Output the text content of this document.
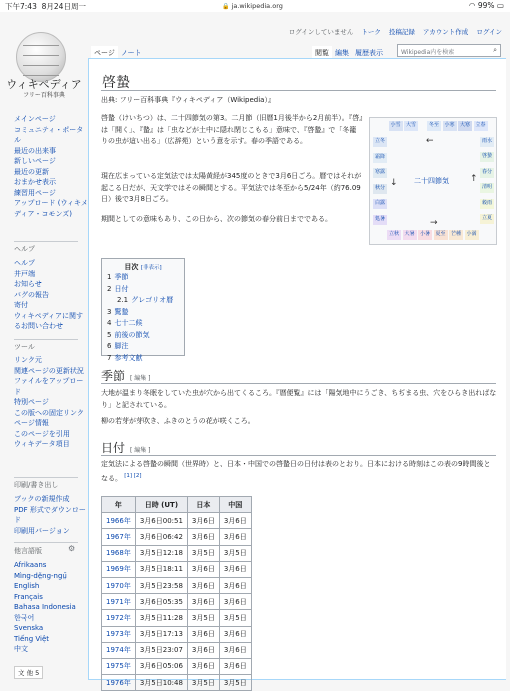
下午7:43 8月24日周一	🔒 ja.wikipedia.org	◠ 99% ▭
ウィキペディア
フリー百科事典
メインページ
コミュニティ・ポータル
最近の出来事
新しいページ
最近の更新
おまかせ表示
練習用ページ
アップロード (ウィキメディア・コモンズ)
ヘルプ
ヘルプ
井戸端
お知らせ
バグの報告
寄付
ウィキペディアに関するお問い合わせ
ツール
リンク元
関連ページの更新状況
ファイルをアップロード
特別ページ
この版への固定リンク
ページ情報
このページを引用
ウィキデータ項目
印刷/書き出し
ブックの新規作成
PDF 形式でダウンロード
印刷用バージョン
他言語版	⚙
Afrikaans
Mìng-dĕ̤ng-ngṳ̄
English
Français
Bahasa Indonesia
한국어
Svenska
Tiếng Việt
中文
文 他 5
ログインしていません トーク 投稿記録 アカウント作成 ログイン
ページ ノート	閲覧 編集 履歴表示	Wikipedia内を検索	⌕
啓蟄
出典: フリー百科事典『ウィキペディア（Wikipedia）』

啓蟄（けいちつ）は、二十四節気の第3。二月節（旧暦1月後半から2月前半）。『啓』は「開く」、『蟄』は「虫などが土中に隠れ閉じこもる」意味で、『啓蟄』で「冬籠りの虫が這い出る」（広辞苑）という意を示す。春の季語である。

現在広まっている定気法では太陽黄経が345度のときで3月6日ごろ。暦ではそれが起こる日だが、天文学ではその瞬間とする。平気法では冬至から5/24年（約76.09日）後で3月8日ごろ。

期間としての意味もあり、この日から、次の節気の春分前日までである。

二十四節気
←
→
↓	↑
冬至	小寒	大寒	立春
雨水
啓蟄
春分
清明
穀雨
立夏
小満
芒種
夏至
小暑
大暑
立秋
処暑
白露
秋分
寒露
霜降
立冬
小雪	大雪
目次 [非表示]
1 季節
2 日付
2.1 グレゴリオ暦
3 驚蟄
4 七十二候
5 前後の節気
6 脚注
7 参考文献
季節 [ 編集 ]

大地が温まり冬眠をしていた虫が穴から出てくるころ。『暦便覧』には「陽気地中にうごき、ちぢまる虫、穴をひらき出ればなり」と記されている。

柳の若芽が芽吹き、ふきのとうの花が咲くころ。

日付 [ 編集 ]

定気法による啓蟄の瞬間（世界時）と、日本・中国での啓蟄日の日付は表のとおり。日本における時刻はこの表の9時間後となる。 [1] [2]

年	日時 (UT)	日本	中国
1966年	3月6日00:51	3月6日	3月6日
1967年	3月6日06:42	3月6日	3月6日
1968年	3月5日12:18	3月5日	3月5日
1969年	3月5日18:11	3月6日	3月6日
1970年	3月5日23:58	3月6日	3月6日
1971年	3月6日05:35	3月6日	3月6日
1972年	3月5日11:28	3月5日	3月5日
1973年	3月5日17:13	3月6日	3月6日
1974年	3月5日23:07	3月6日	3月6日
1975年	3月6日05:06	3月6日	3月6日
1976年	3月5日10:48	3月5日	3月5日
